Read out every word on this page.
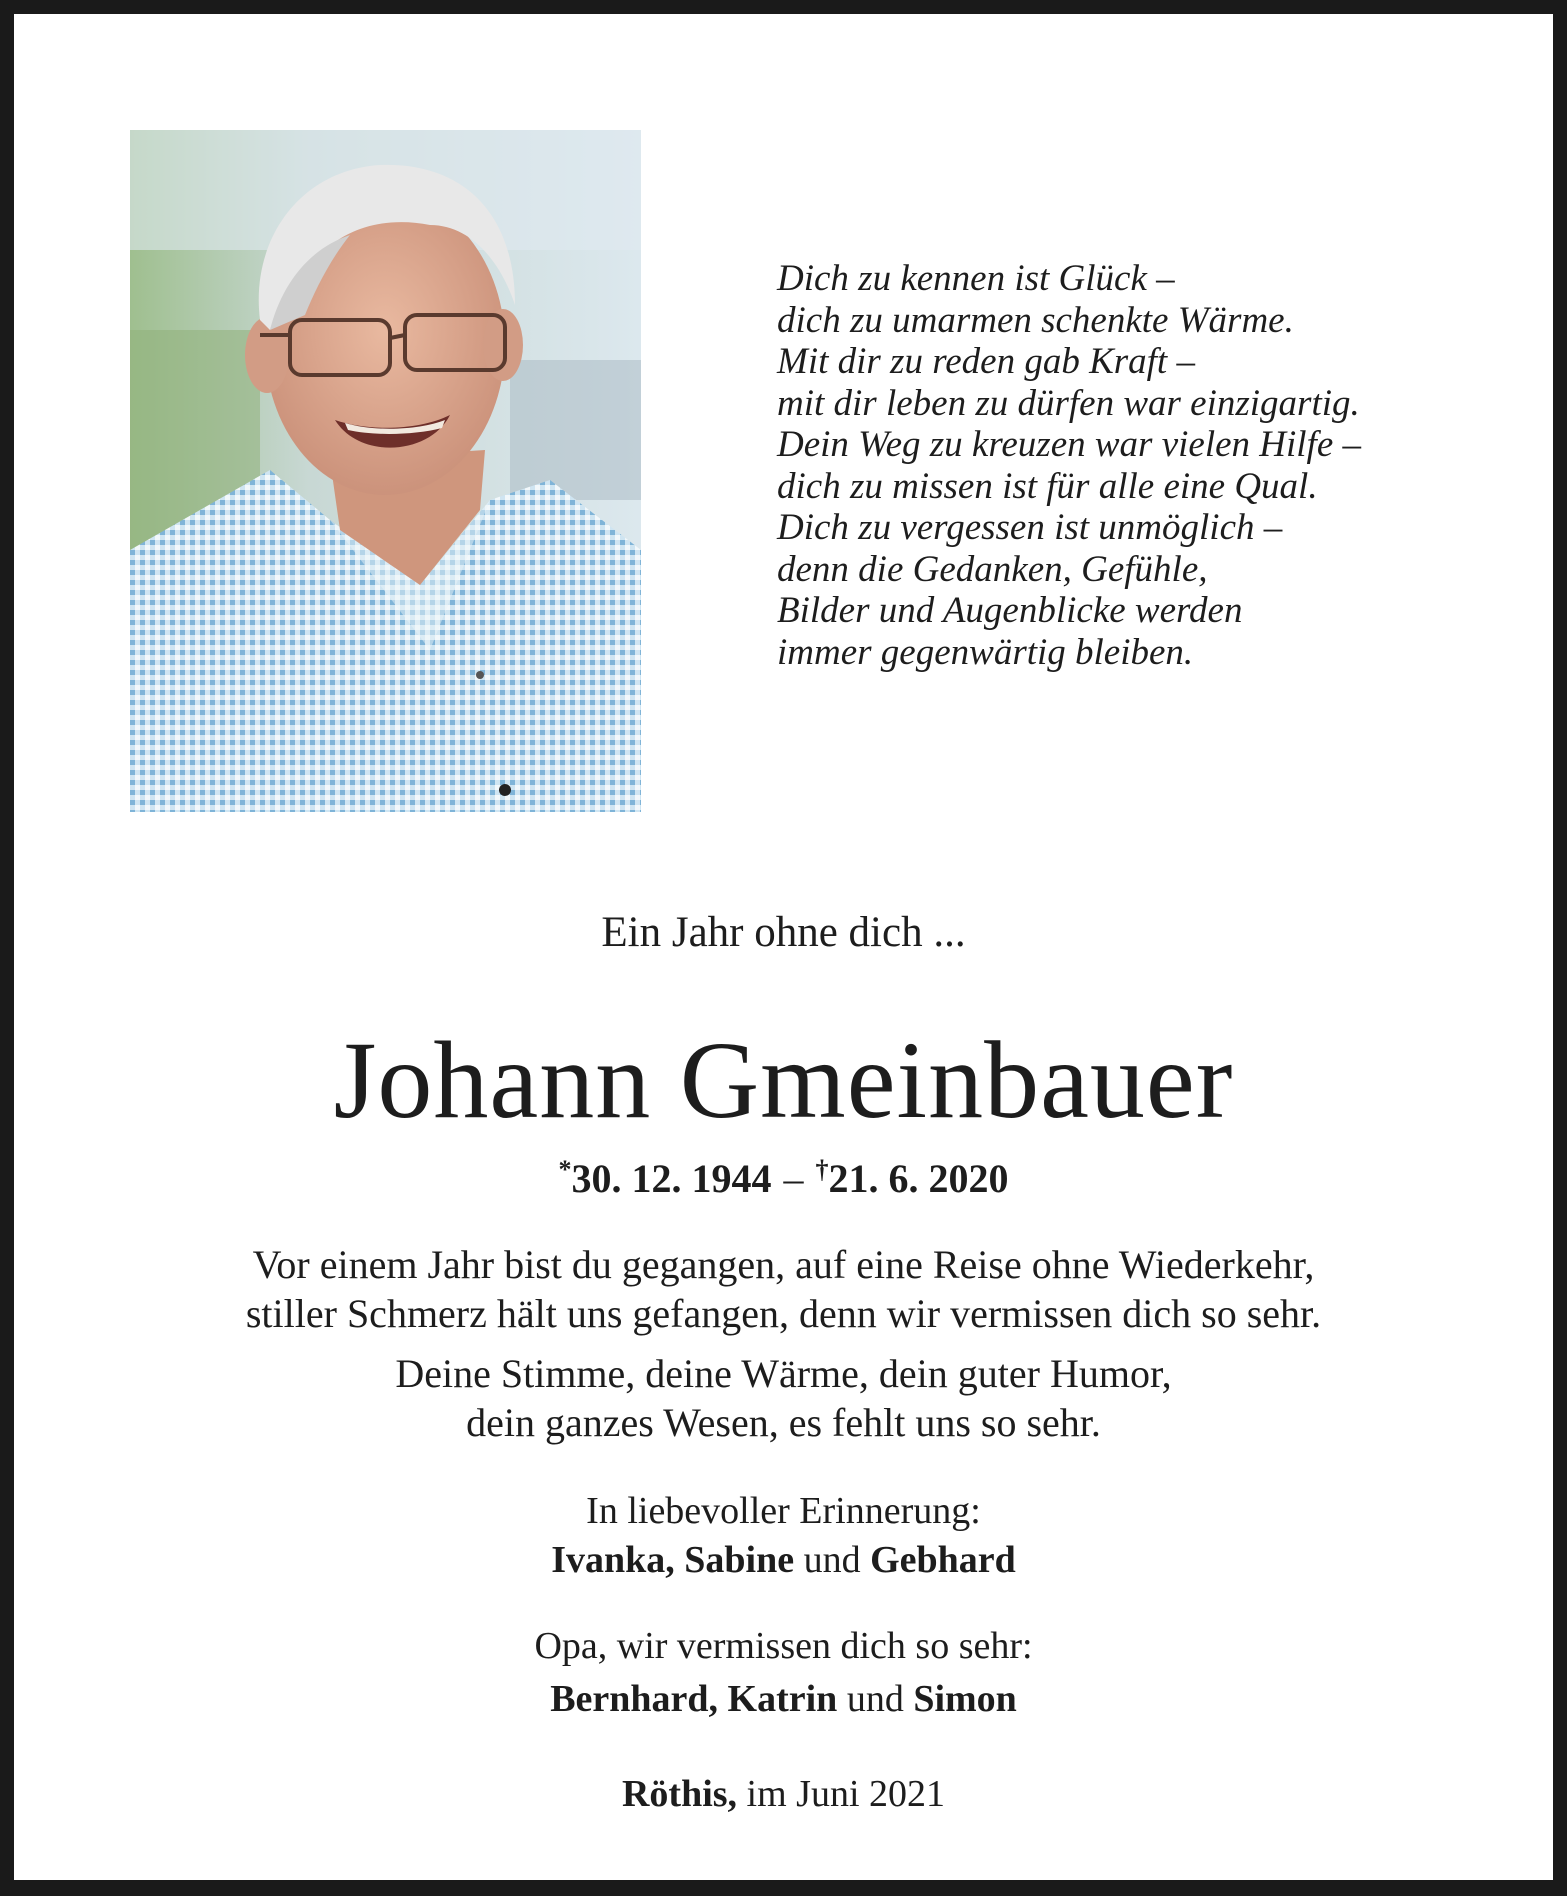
Dich zu kennen ist Glück –
dich zu umarmen schenkte Wärme.
Mit dir zu reden gab Kraft –
mit dir leben zu dürfen war einzigartig.
Dein Weg zu kreuzen war vielen Hilfe –
dich zu missen ist für alle eine Qual.
Dich zu vergessen ist unmöglich –
denn die Gedanken, Gefühle,
Bilder und Augenblicke werden
immer gegenwärtig bleiben.
Ein Jahr ohne dich ...
Johann Gmeinbauer
*30. 12. 1944 – †21. 6. 2020
Vor einem Jahr bist du gegangen, auf eine Reise ohne Wiederkehr,
stiller Schmerz hält uns gefangen, denn wir vermissen dich so sehr.
Deine Stimme, deine Wärme, dein guter Humor,
dein ganzes Wesen, es fehlt uns so sehr.
In liebevoller Erinnerung:
Ivanka, Sabine und Gebhard
Opa, wir vermissen dich so sehr:
Bernhard, Katrin und Simon
Röthis, im Juni 2021
